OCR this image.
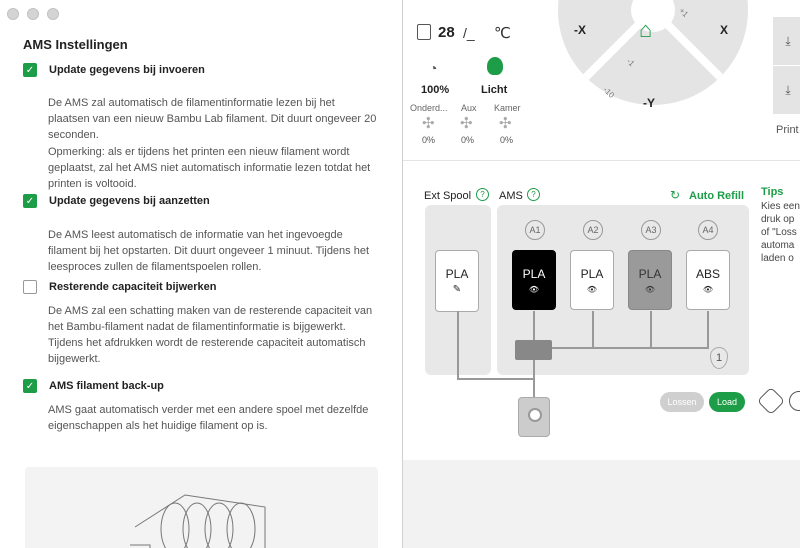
28 /_ ℃
◔
100%	Licht
Onderd... Aux Kamer
✣ ✣ ✣
0%	0%	0%
⌂
-X	X
-Y
+1
-1
-10
⤓
⤓
Print
Ext Spool	?	AMS	?	↻ Auto Refill Tips
Kies een druk op of "Loss automa laden o
PLA
✎
A1	A2	A3	A4
PLA
👁
PLA
👁
PLA
👁
ABS
👁
1
Lossen	Load
AMS Instellingen
✓ Update gegevens bij invoeren
De AMS zal automatisch de filamentinformatie lezen bij het plaatsen van een nieuw Bambu Lab filament. Dit duurt ongeveer 20 seconden.
Opmerking: als er tijdens het printen een nieuw filament wordt geplaatst, zal het AMS niet automatisch informatie lezen totdat het printen is voltooid.
✓ Update gegevens bij aanzetten
De AMS leest automatisch de informatie van het ingevoegde filament bij het opstarten. Dit duurt ongeveer 1 minuut. Tijdens het leesproces zullen de filamentspoelen rollen.
Resterende capaciteit bijwerken
De AMS zal een schatting maken van de resterende capaciteit van het Bambu-filament nadat de filamentinformatie is bijgewerkt. Tijdens het afdrukken wordt de resterende capaciteit automatisch bijgewerkt.
✓ AMS filament back-up
AMS gaat automatisch verder met een andere spoel met dezelfde eigenschappen als het huidige filament op is.
